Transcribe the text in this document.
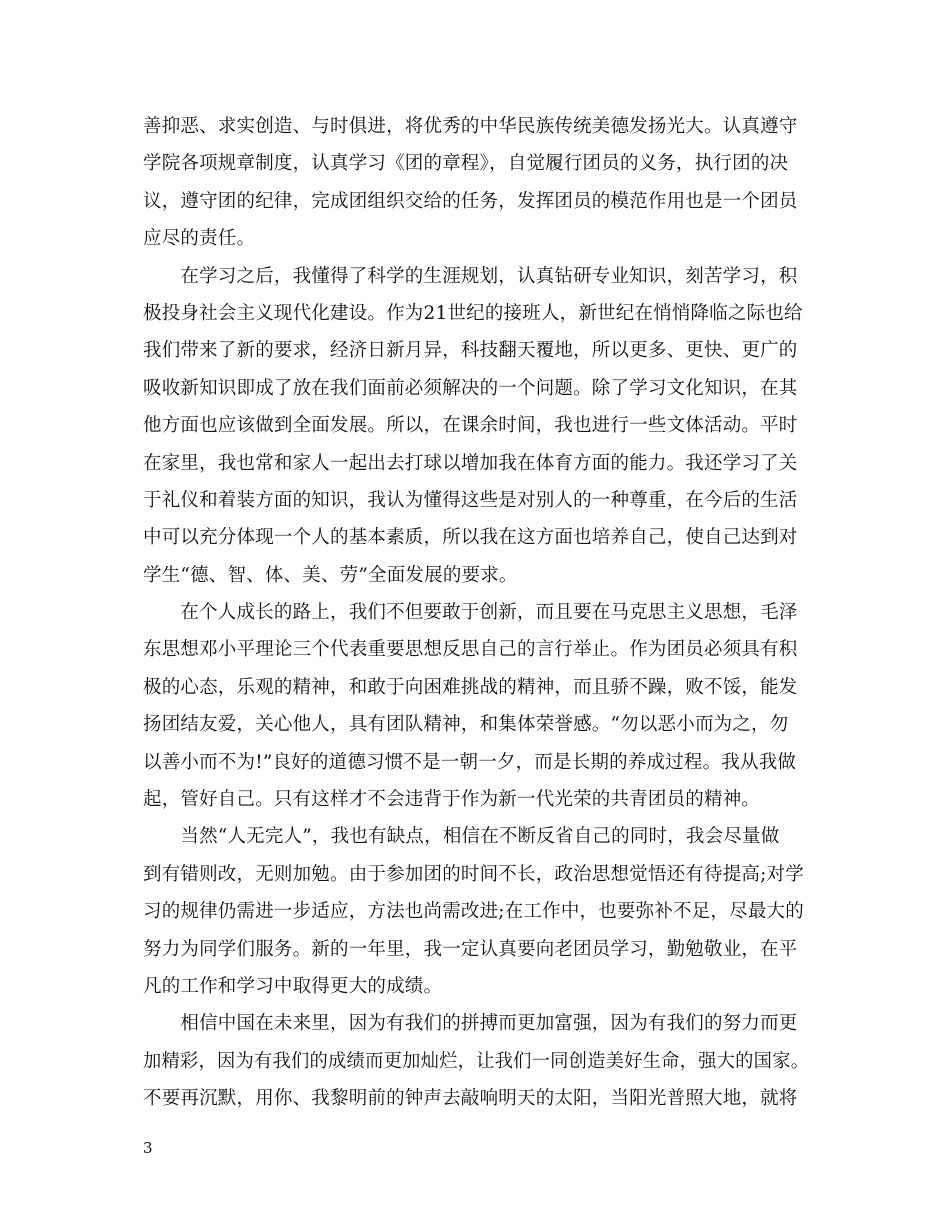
善抑恶、求实创造、与时俱进，将优秀的中华民族传统美德发扬光大。认真遵守
学院各项规章制度，认真学习《团的章程》，自觉履行团员的义务，执行团的决
议，遵守团的纪律，完成团组织交给的任务，发挥团员的模范作用也是一个团员
应尽的责任。
　　在学习之后，我懂得了科学的生涯规划，认真钻研专业知识，刻苦学习，积
极投身社会主义现代化建设。作为21世纪的接班人，新世纪在悄悄降临之际也给
我们带来了新的要求，经济日新月异，科技翻天覆地，所以更多、更快、更广的
吸收新知识即成了放在我们面前必须解决的一个问题。除了学习文化知识，在其
他方面也应该做到全面发展。所以，在课余时间，我也进行一些文体活动。平时
在家里，我也常和家人一起出去打球以增加我在体育方面的能力。我还学习了关
于礼仪和着装方面的知识，我认为懂得这些是对别人的一种尊重，在今后的生活
中可以充分体现一个人的基本素质，所以我在这方面也培养自己，使自己达到对
学生“德、智、体、美、劳”全面发展的要求。
　　在个人成长的路上，我们不但要敢于创新，而且要在马克思主义思想，毛泽
东思想邓小平理论三个代表重要思想反思自己的言行举止。作为团员必须具有积
极的心态，乐观的精神，和敢于向困难挑战的精神，而且骄不躁，败不馁，能发
扬团结友爱，关心他人，具有团队精神，和集体荣誉感。“勿以恶小而为之，勿
以善小而不为!”良好的道德习惯不是一朝一夕，而是长期的养成过程。我从我做
起，管好自己。只有这样才不会违背于作为新一代光荣的共青团员的精神。
　　当然“人无完人”，我也有缺点，相信在不断反省自己的同时，我会尽量做
到有错则改，无则加勉。由于参加团的时间不长，政治思想觉悟还有待提高;对学
习的规律仍需进一步适应，方法也尚需改进;在工作中，也要弥补不足，尽最大的
努力为同学们服务。新的一年里，我一定认真要向老团员学习，勤勉敬业，在平
凡的工作和学习中取得更大的成绩。
　　相信中国在未来里，因为有我们的拼搏而更加富强，因为有我们的努力而更
加精彩，因为有我们的成绩而更加灿烂，让我们一同创造美好生命，强大的国家。
不要再沉默，用你、我黎明前的钟声去敲响明天的太阳，当阳光普照大地，就将
3
